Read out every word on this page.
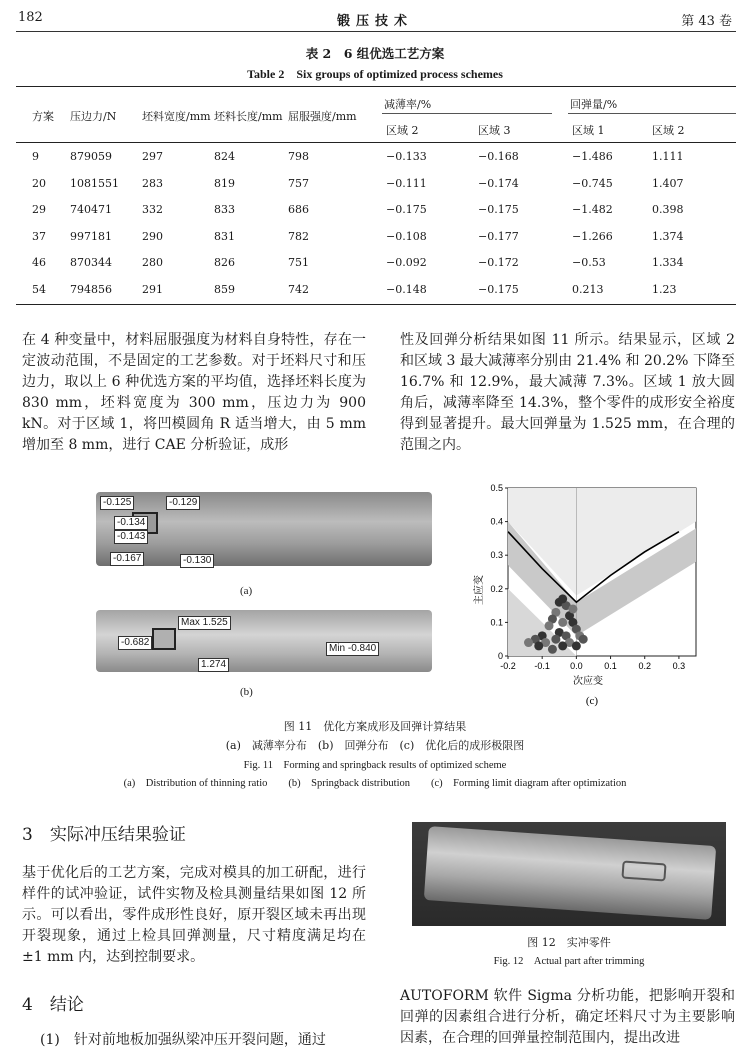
182	锻压技术	第 43 卷
表 2　6 组优选工艺方案
Table 2　Six groups of optimized process schemes
方案 压边力/N 坯料宽度/mm 坯料长度/mm 屈服强度/mm
减薄率/%	回弹量/%
区域 2	区域 3	区域 1	区域 2
9	879059	297	824	798	−0.133	−0.168	−1.486	1.111
20 1081551 283	819	757	−0.111	−0.174	−0.745	1.407
29 740471	332	833	686	−0.175	−0.175	−1.482	0.398
37 997181	290	831	782	−0.108	−0.177	−1.266	1.374
46 870344	280	826	751	−0.092	−0.172	−0.53	1.334
54 794856	291	859	742	−0.148	−0.175	0.213	1.23
在 4 种变量中，材料屈服强度为材料自身特性，存在一定波动范围，不是固定的工艺参数。对于坯料尺寸和压边力，取以上 6 种优选方案的平均值，选择坯料长度为 830 mm，坯料宽度为 300 mm，压边力为 900 kN。对于区域 1，将凹模圆角 R 适当增大，由 5 mm 增加至 8 mm，进行 CAE 分析验证，成形
性及回弹分析结果如图 11 所示。结果显示，区域 2 和区域 3 最大减薄率分别由 21.4% 和 20.2% 下降至 16.7% 和 12.9%，最大减薄 7.3%。区域 1 放大圆角后，减薄率降至 14.3%，整个零件的成形安全裕度得到显著提升。最大回弹量为 1.525 mm，在合理的范围之内。
-0.125	-0.129
-0.134
-0.143
-0.167	-0.130
(a)
Max 1.525
-0.682
Min -0.840
1.274
(b)
-0.2 -0.1 0.0 0.1 0.2 0.3
0
0.1
0.2
0.3
0.4
0.5
主应变
次应变
(c)
图 11　优化方案成形及回弹计算结果
(a)　减薄率分布　(b)　回弹分布　(c)　优化后的成形极限图
Fig. 11　Forming and springback results of optimized scheme
(a)　Distribution of thinning ratio　　(b)　Springback distribution　　(c)　Forming limit diagram after optimization
3　实际冲压结果验证
基于优化后的工艺方案，完成对模具的加工研配，进行样件的试冲验证，试件实物及检具测量结果如图 12 所示。可以看出，零件成形性良好，原开裂区域未再出现开裂现象，通过上检具回弹测量，尺寸精度满足均在 ±1 mm 内，达到控制要求。
图 12　实冲零件
Fig. 12　Actual part after trimming
4　结论
(1)　针对前地板加强纵梁冲压开裂问题，通过
AUTOFORM 软件 Sigma 分析功能，把影响开裂和回弹的因素组合进行分析，确定坯料尺寸为主要影响因素，在合理的回弹量控制范围内，提出改进
